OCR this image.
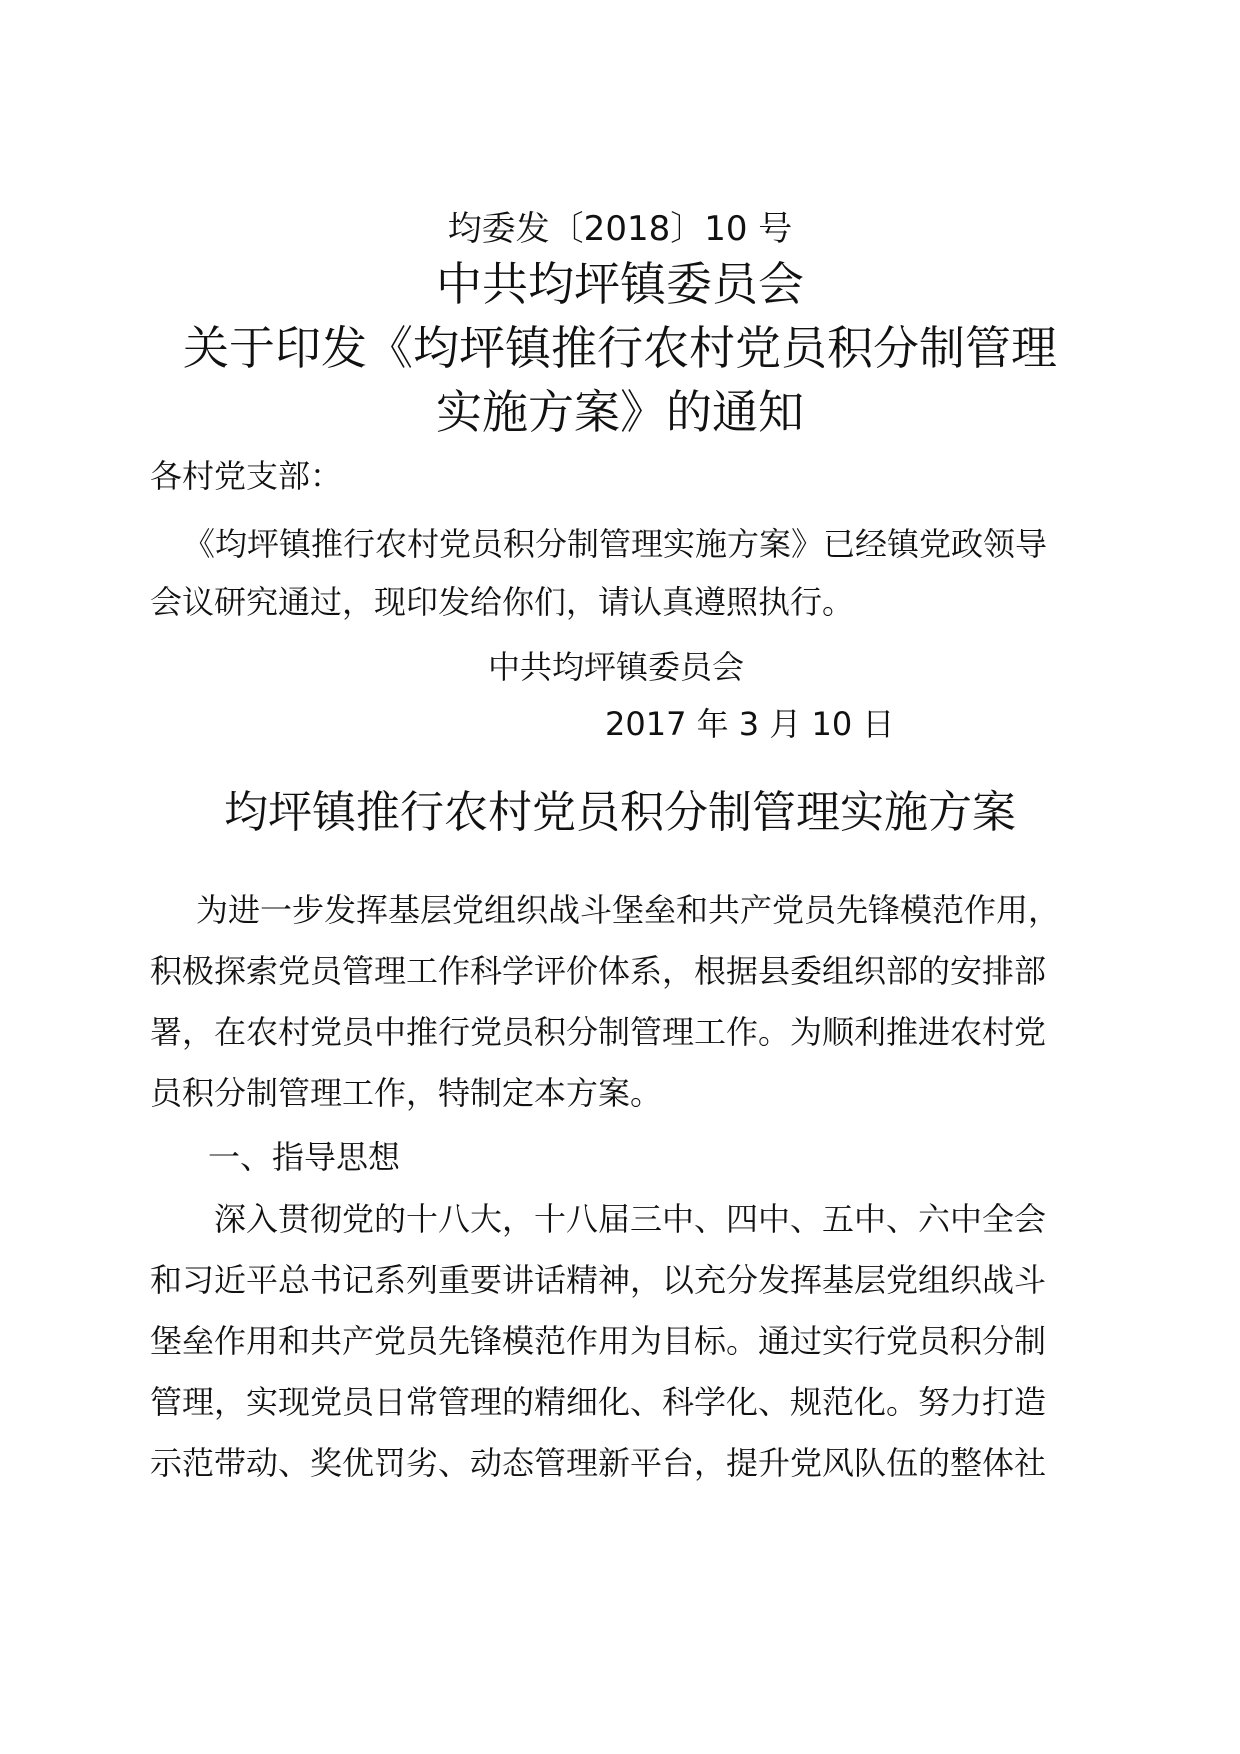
均委发〔2018〕10 号

中共均坪镇委员会

关于印发《均坪镇推行农村党员积分制管理

实施方案》的通知

各村党支部：

《均坪镇推行农村党员积分制管理实施方案》已经镇党政领导

会议研究通过，现印发给你们，请认真遵照执行。

中共均坪镇委员会

2017 年 3 月 10 日

均坪镇推行农村党员积分制管理实施方案

为进一步发挥基层党组织战斗堡垒和共产党员先锋模范作用，

积极探索党员管理工作科学评价体系，根据县委组织部的安排部

署，在农村党员中推行党员积分制管理工作。为顺利推进农村党

员积分制管理工作，特制定本方案。

一、指导思想

深入贯彻党的十八大，十八届三中、四中、五中、六中全会

和习近平总书记系列重要讲话精神，以充分发挥基层党组织战斗

堡垒作用和共产党员先锋模范作用为目标。通过实行党员积分制

管理，实现党员日常管理的精细化、科学化、规范化。努力打造

示范带动、奖优罚劣、动态管理新平台，提升党风队伍的整体社
